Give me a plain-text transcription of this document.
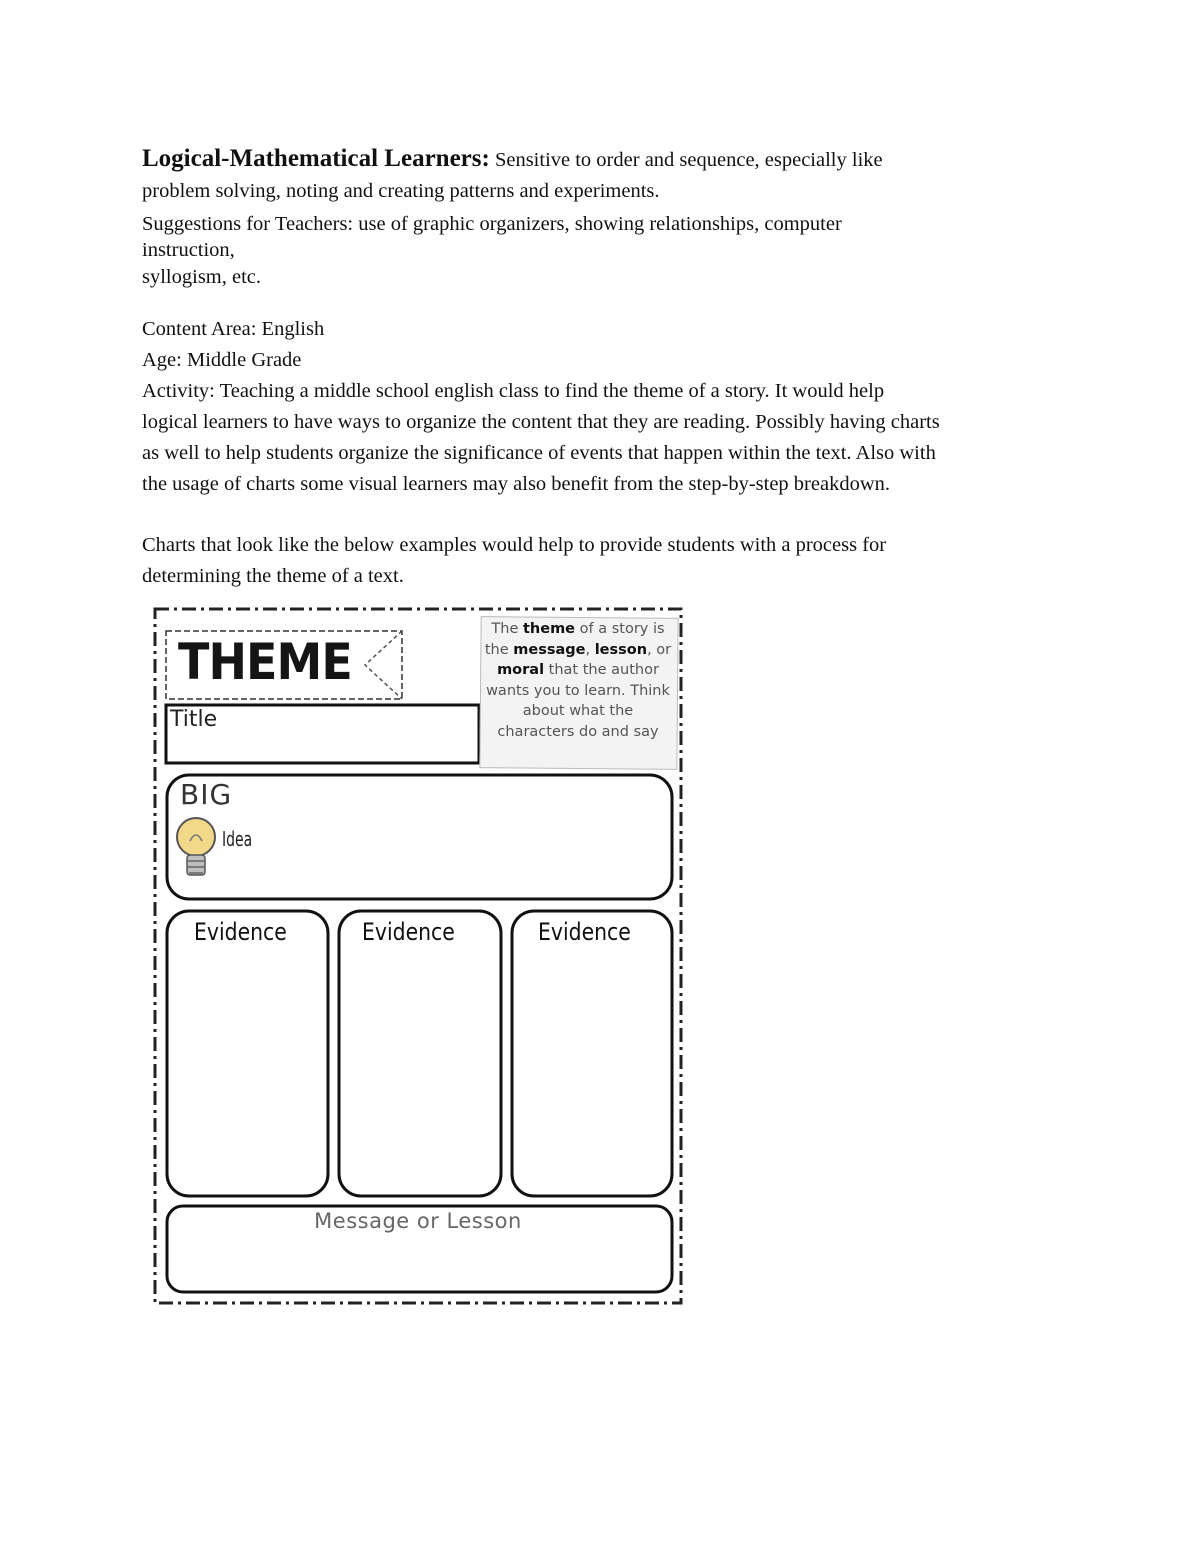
Logical-Mathematical Learners: Sensitive to order and sequence, especially like

problem solving, noting and creating patterns and experiments.

Suggestions for Teachers: use of graphic organizers, showing relationships, computer

instruction,

syllogism, etc.

Content Area: English

Age: Middle Grade

Activity: Teaching a middle school english class to find the theme of a story. It would help

logical learners to have ways to organize the content that they are reading. Possibly having charts

as well to help students organize the significance of events that happen within the text. Also with

the usage of charts some visual learners may also benefit from the step-by-step breakdown.

Charts that look like the below examples would help to provide students with a process for

determining the theme of a text.

THEME
Title
The theme of a story is the message, lesson, or moral that the author wants you to learn. Think about what the characters do and say
BIG
Idea
Evidence	Evidence	Evidence
Message or Lesson
